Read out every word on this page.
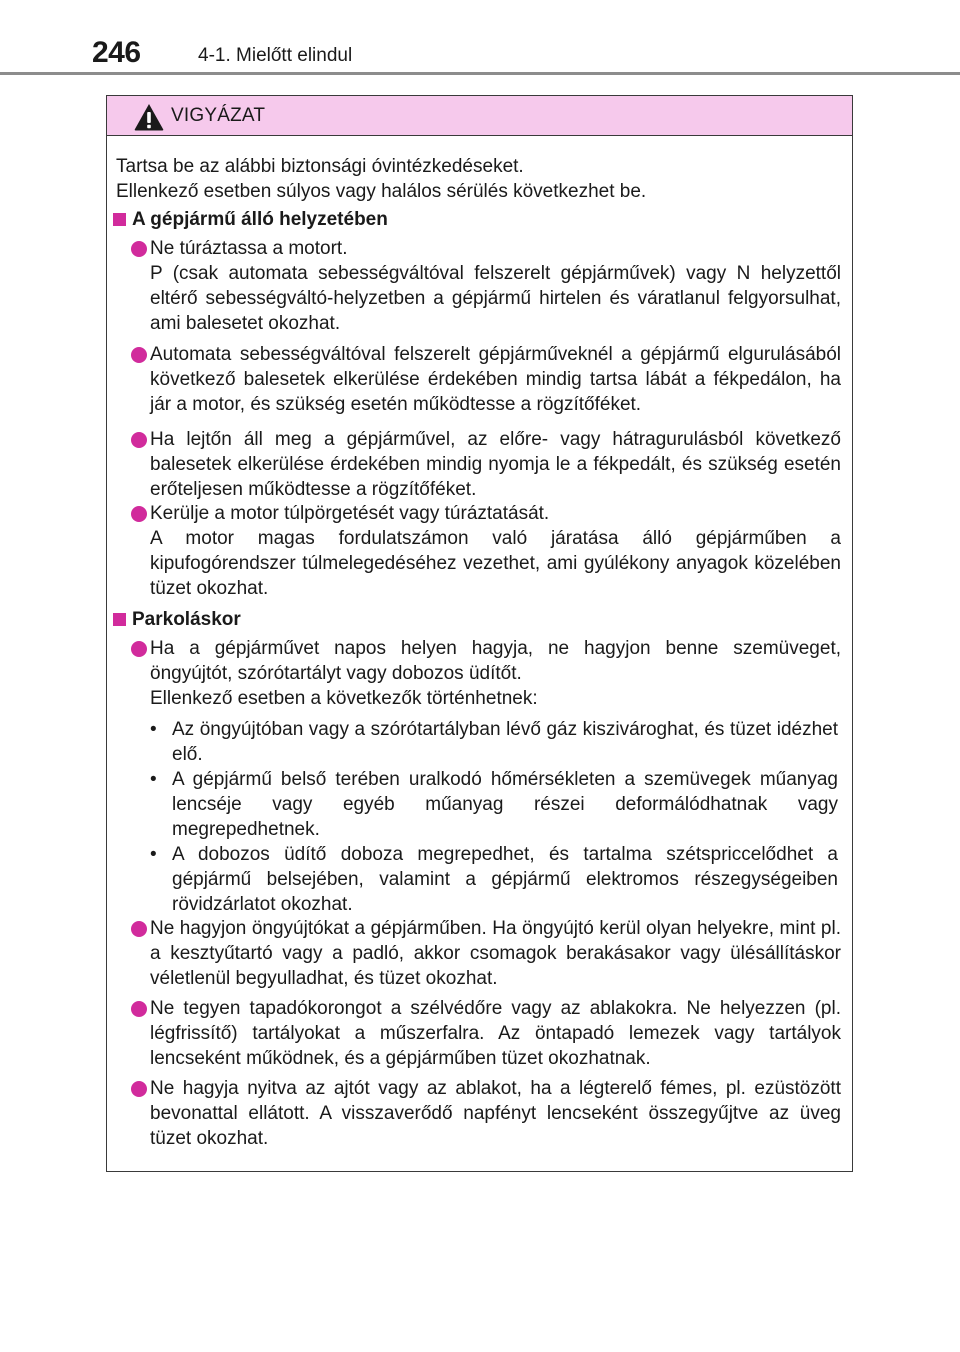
246	4-1. Mielőtt elindul
VIGYÁZAT
Tartsa be az alábbi biztonsági óvintézkedéseket.
Ellenkező esetben súlyos vagy halálos sérülés következhet be.
A gépjármű álló helyzetében
Ne túráztassa a motort.
P (csak automata sebességváltóval felszerelt gépjárművek) vagy N helyzettől eltérő sebességváltó-helyzetben a gépjármű hirtelen és váratlanul felgyorsulhat, ami balesetet okozhat.
Automata sebességváltóval felszerelt gépjárműveknél a gépjármű elgurulásából következő balesetek elkerülése érdekében mindig tartsa lábát a fékpedálon, ha jár a motor, és szükség esetén működtesse a rögzítőféket.
Ha lejtőn áll meg a gépjárművel, az előre- vagy hátragurulásból következő balesetek elkerülése érdekében mindig nyomja le a fékpedált, és szükség esetén erőteljesen működtesse a rögzítőféket.
Kerülje a motor túlpörgetését vagy túráztatását.
A motor magas fordulatszámon való járatása álló gépjárműben a kipufogórendszer túlmelegedéséhez vezethet, ami gyúlékony anyagok közelében tüzet okozhat.
Parkoláskor
Ha a gépjárművet napos helyen hagyja, ne hagyjon benne szemüveget, öngyújtót, szórótartályt vagy dobozos üdítőt.
Ellenkező esetben a következők történhetnek:
• Az öngyújtóban vagy a szórótartályban lévő gáz kiszivároghat, és tüzet idézhet elő.
• A gépjármű belső terében uralkodó hőmérsékleten a szemüvegek műanyag lencséje vagy egyéb műanyag részei deformálódhatnak vagy megrepedhetnek.
• A dobozos üdítő doboza megrepedhet, és tartalma szétspriccelődhet a gépjármű belsejében, valamint a gépjármű elektromos részegységeiben rövidzárlatot okozhat.
Ne hagyjon öngyújtókat a gépjárműben. Ha öngyújtó kerül olyan helyekre, mint pl. a kesztyűtartó vagy a padló, akkor csomagok berakásakor vagy ülésállításkor véletlenül begyulladhat, és tüzet okozhat.
Ne tegyen tapadókorongot a szélvédőre vagy az ablakokra. Ne helyezzen (pl. légfrissítő) tartályokat a műszerfalra. Az öntapadó lemezek vagy tartályok lencseként működnek, és a gépjárműben tüzet okozhatnak.
Ne hagyja nyitva az ajtót vagy az ablakot, ha a légterelő fémes, pl. ezüstözött bevonattal ellátott. A visszaverődő napfényt lencseként összegyűjtve az üveg tüzet okozhat.
